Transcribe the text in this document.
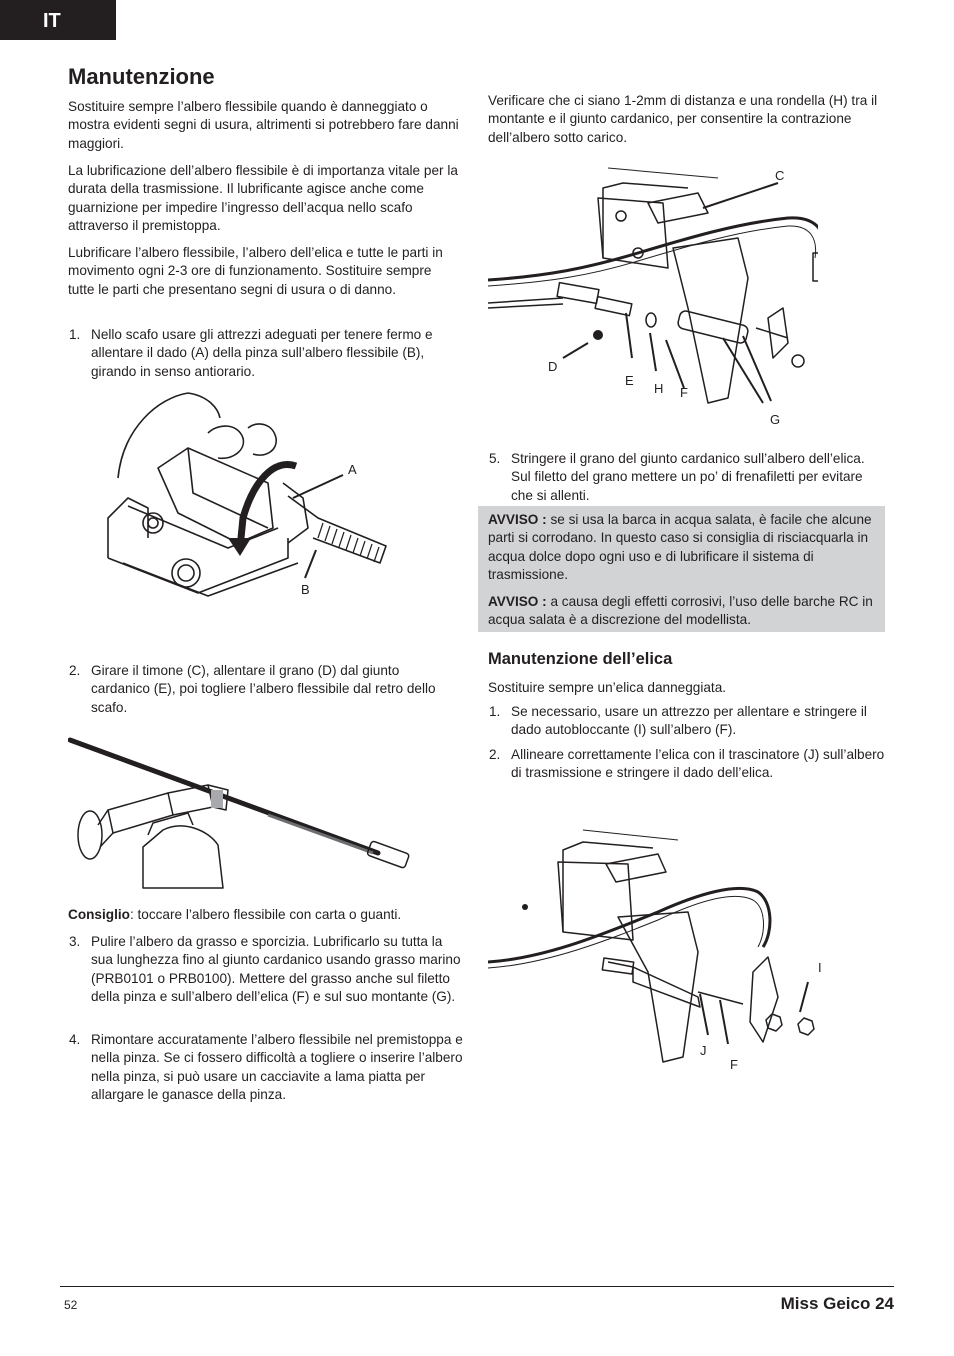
IT
Manutenzione

Sostituire sempre l’albero flessibile quando è danneggiato o mostra evidenti segni di usura, altrimenti si potrebbero fare danni maggiori.

La lubrificazione dell’albero flessibile è di importanza vitale per la durata della trasmissione. Il lubrificante agisce anche come guarnizione per impedire l’ingresso dell’acqua nello scafo attraverso il premistoppa.

Lubrificare l’albero flessibile, l’albero dell’elica e tutte le parti in movimento ogni 2-3 ore di funzionamento. Sostituire sempre tutte le parti che presentano segni di usura o di danno.

1. Nello scafo usare gli attrezzi adeguati per tenere fermo e allentare il dado (A) della pinza sull’albero flessibile (B), girando in senso antiorario.
2. Girare il timone (C), allentare il grano (D) dal giunto cardanico (E), poi togliere l’albero flessibile dal retro dello scafo.

Consiglio: toccare l’albero flessibile con carta o guanti.

3. Pulire l’albero da grasso e sporcizia. Lubrificarlo su tutta la sua lunghezza fino al giunto cardanico usando grasso marino (PRB0101 o PRB0100). Mettere del grasso anche sul filetto della pinza e sull’albero dell’elica (F) e sul suo montante (G).
4. Rimontare accuratamente l’albero flessibile nel premistoppa e nella pinza. Se ci fossero difficoltà a togliere o inserire l’albero nella pinza, si può usare un cacciavite a lama piatta per allargare le ganasce della pinza.
A
B

Verificare che ci siano 1-2mm di distanza e una rondella (H) tra il montante e il giunto cardanico, per consentire la contrazione dell’albero sotto carico.

5. Stringere il grano del giunto cardanico sull’albero dell’elica. Sul filetto del grano mettere un po’ di frenafiletti per evitare che si allenti.
Manutenzione dell’elica

Sostituire sempre un’elica danneggiata.

1. Se necessario, usare un attrezzo per allentare e stringere il dado autobloccante (I) sull’albero (F).
2. Allineare correttamente l’elica con il trascinatore (J) sull’albero di trasmissione e stringere il dado dell’elica.

AVVISO : se si usa la barca in acqua salata, è facile che alcune parti si corrodano. In questo caso si consiglia di risciacquarla in acqua dolce dopo ogni uso e di lubrificare il sistema di trasmissione.

AVVISO : a causa degli effetti corrosivi, l’uso delle barche RC in acqua salata è a discrezione del modellista.

C
D
E
H F
G
I
J
F
52	Miss Geico 24
